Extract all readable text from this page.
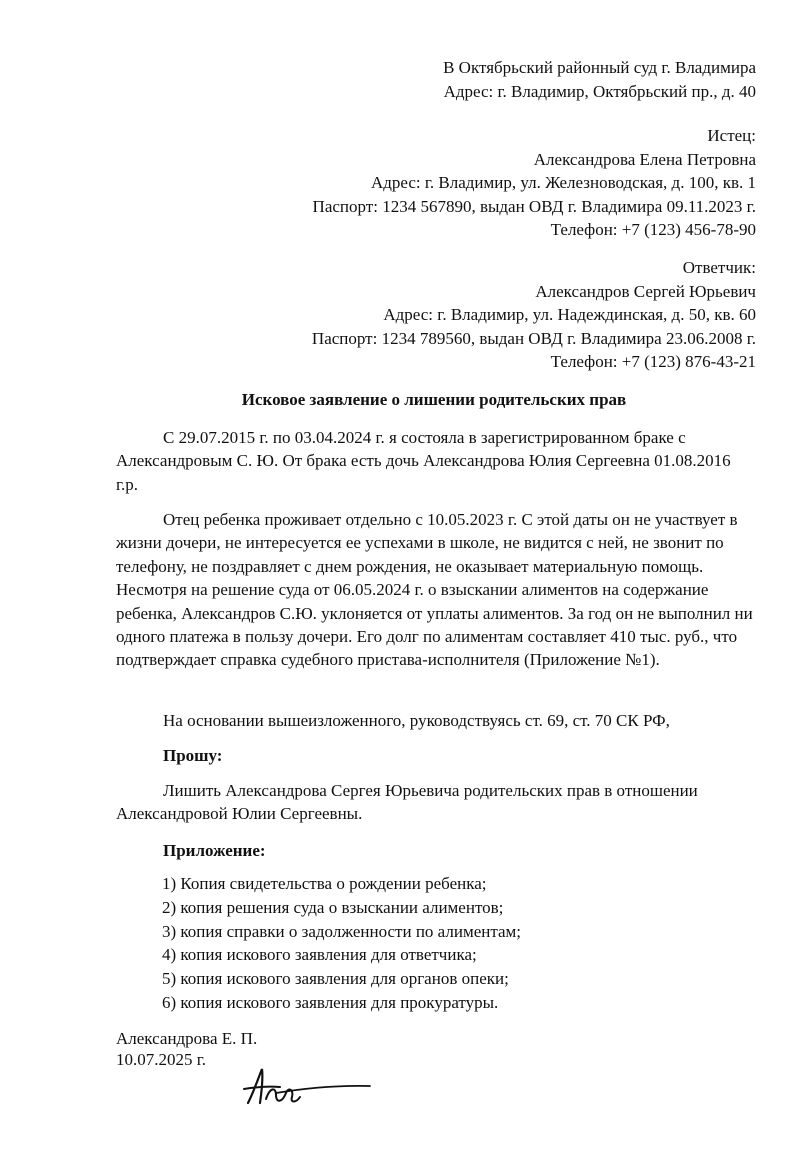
В Октябрьский районный суд г. Владимира
Адрес: г. Владимир, Октябрьский пр., д. 40
Истец:
Александрова Елена Петровна
Адрес: г. Владимир, ул. Железноводская, д. 100, кв. 1
Паспорт: 1234 567890, выдан ОВД г. Владимира 09.11.2023 г.
Телефон: +7 (123) 456-78-90
Ответчик:
Александров Сергей Юрьевич
Адрес: г. Владимир, ул. Надеждинская, д. 50, кв. 60
Паспорт: 1234 789560, выдан ОВД г. Владимира 23.06.2008 г.
Телефон: +7 (123) 876-43-21
Исковое заявление о лишении родительских прав

С 29.07.2015 г. по 03.04.2024 г. я состояла в зарегистрированном браке с Александровым С. Ю. От брака есть дочь Александрова Юлия Сергеевна 01.08.2016 г.р.

Отец ребенка проживает отдельно с 10.05.2023 г. С этой даты он не участвует в жизни дочери, не интересуется ее успехами в школе, не видится с ней, не звонит по телефону, не поздравляет с днем рождения, не оказывает материальную помощь. Несмотря на решение суда от 06.05.2024 г. о взыскании алиментов на содержание ребенка, Александров С.Ю. уклоняется от уплаты алиментов. За год он не выполнил ни одного платежа в пользу дочери. Его долг по алиментам составляет 410 тыс. руб., что подтверждает справка судебного пристава-исполнителя (Приложение №1).

На основании вышеизложенного, руководствуясь ст. 69, ст. 70 СК РФ,

Прошу:

Лишить Александрова Сергея Юрьевича родительских прав в отношении Александровой Юлии Сергеевны.

Приложение:

1) Копия свидетельства о рождении ребенка;
2) копия решения суда о взыскании алиментов;
3) копия справки о задолженности по алиментам;
4) копия искового заявления для ответчика;
5) копия искового заявления для органов опеки;
6) копия искового заявления для прокуратуры.
Александрова Е. П.
10.07.2025 г.
